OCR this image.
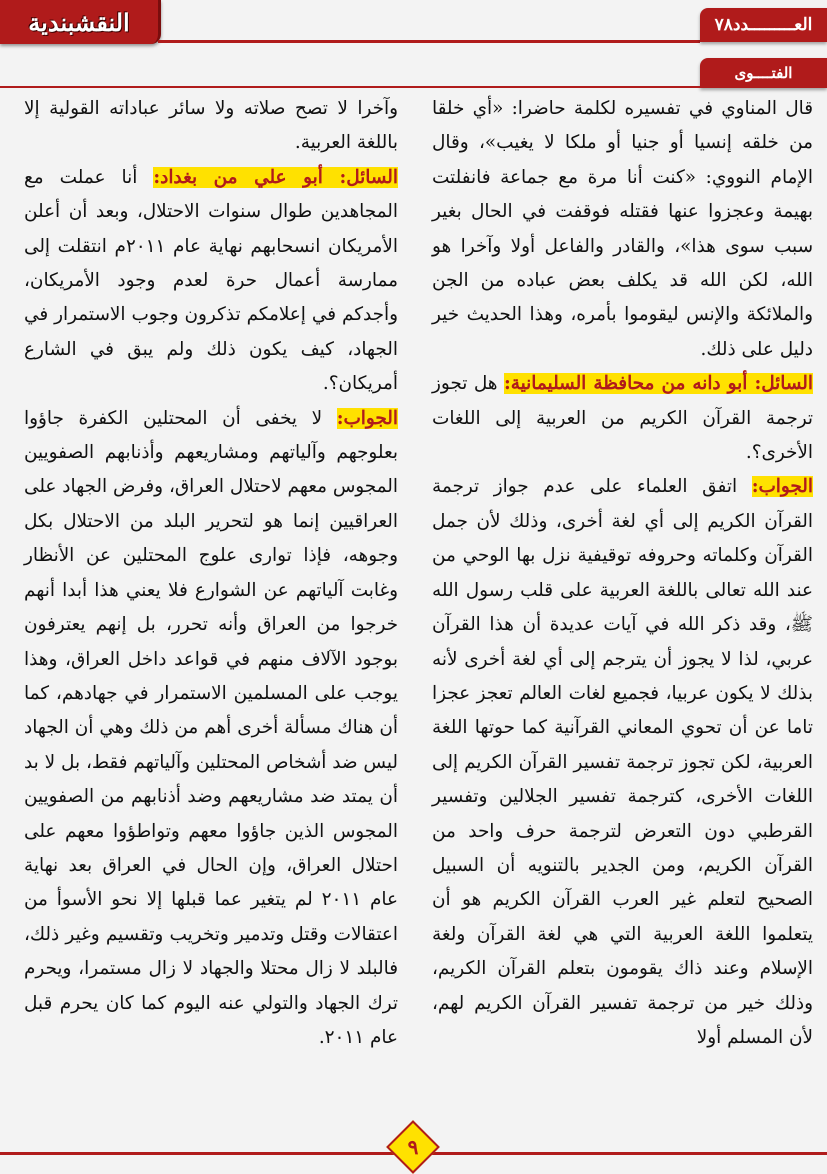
النقشبندية	العـــــــــدد٧٨
الفتــــوى

قال المناوي في تفسيره لكلمة حاضرا: «أي خلقا من خلقه إنسيا أو جنيا أو ملكا لا يغيب»، وقال الإمام النووي: «كنت أنا مرة مع جماعة فانفلتت بهيمة وعجزوا عنها فقتله فوقفت في الحال بغير سبب سوى هذا»، والقادر والفاعل أولا وآخرا هو الله، لكن الله قد يكلف بعض عباده من الجن والملائكة والإنس ليقوموا بأمره، وهذا الحديث خير دليل على ذلك.

السائل: أبو دانه من محافظة السليمانية: هل تجوز ترجمة القرآن الكريم من العربية إلى اللغات الأخرى؟.

الجواب: اتفق العلماء على عدم جواز ترجمة القرآن الكريم إلى أي لغة أخرى، وذلك لأن جمل القرآن وكلماته وحروفه توقيفية نزل بها الوحي من عند الله تعالى باللغة العربية على قلب رسول الله ﷺ، وقد ذكر الله في آيات عديدة أن هذا القرآن عربي، لذا لا يجوز أن يترجم إلى أي لغة أخرى لأنه بذلك لا يكون عربيا، فجميع لغات العالم تعجز عجزا تاما عن أن تحوي المعاني القرآنية كما حوتها اللغة العربية، لكن تجوز ترجمة تفسير القرآن الكريم إلى اللغات الأخرى، كترجمة تفسير الجلالين وتفسير القرطبي دون التعرض لترجمة حرف واحد من القرآن الكريم، ومن الجدير بالتنويه أن السبيل الصحيح لتعلم غير العرب القرآن الكريم هو أن يتعلموا اللغة العربية التي هي لغة القرآن ولغة الإسلام وعند ذاك يقومون بتعلم القرآن الكريم، وذلك خير من ترجمة تفسير القرآن الكريم لهم، لأن المسلم أولا

وآخرا لا تصح صلاته ولا سائر عباداته القولية إلا باللغة العربية.

السائل: أبو علي من بغداد: أنا عملت مع المجاهدين طوال سنوات الاحتلال، وبعد أن أعلن الأمريكان انسحابهم نهاية عام ٢٠١١م انتقلت إلى ممارسة أعمال حرة لعدم وجود الأمريكان، وأجدكم في إعلامكم تذكرون وجوب الاستمرار في الجهاد، كيف يكون ذلك ولم يبق في الشارع أمريكان؟.

الجواب: لا يخفى أن المحتلين الكفرة جاؤوا بعلوجهم وآلياتهم ومشاريعهم وأذنابهم الصفويين المجوس معهم لاحتلال العراق، وفرض الجهاد على العراقيين إنما هو لتحرير البلد من الاحتلال بكل وجوهه، فإذا توارى علوج المحتلين عن الأنظار وغابت آلياتهم عن الشوارع فلا يعني هذا أبدا أنهم خرجوا من العراق وأنه تحرر، بل إنهم يعترفون بوجود الآلاف منهم في قواعد داخل العراق، وهذا يوجب على المسلمين الاستمرار في جهادهم، كما أن هناك مسألة أخرى أهم من ذلك وهي أن الجهاد ليس ضد أشخاص المحتلين وآلياتهم فقط، بل لا بد أن يمتد ضد مشاريعهم وضد أذنابهم من الصفويين المجوس الذين جاؤوا معهم وتواطؤوا معهم على احتلال العراق، وإن الحال في العراق بعد نهاية عام ٢٠١١ لم يتغير عما قبلها إلا نحو الأسوأ من اعتقالات وقتل وتدمير وتخريب وتقسيم وغير ذلك، فالبلد لا زال محتلا والجهاد لا زال مستمرا، ويحرم ترك الجهاد والتولي عنه اليوم كما كان يحرم قبل عام ٢٠١١.

٩
